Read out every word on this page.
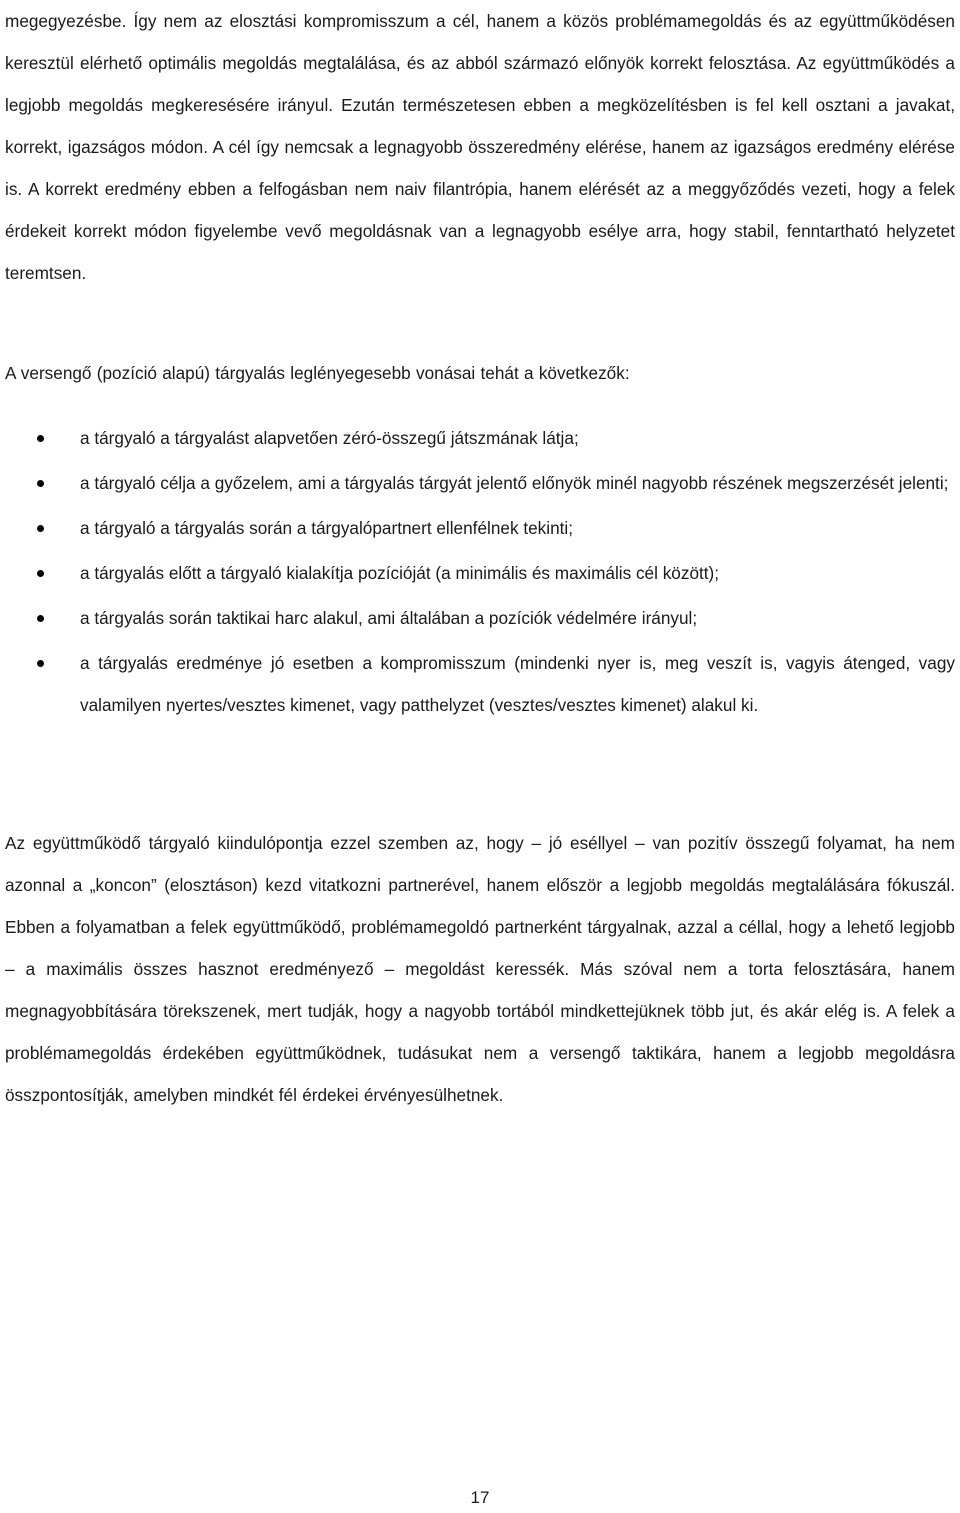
megegyezésbe. Így nem az elosztási kompromisszum a cél, hanem a közös problémamegoldás és az együttműködésen keresztül elérhető optimális megoldás megtalálása, és az abból származó előnyök korrekt felosztása. Az együttműködés a legjobb megoldás megkeresésére irányul. Ezután természetesen ebben a megközelítésben is fel kell osztani a javakat, korrekt, igazságos módon. A cél így nemcsak a legnagyobb összeredmény elérése, hanem az igazságos eredmény elérése is. A korrekt eredmény ebben a felfogásban nem naiv filantrópia, hanem elérését az a meggyőződés vezeti, hogy a felek érdekeit korrekt módon figyelembe vevő megoldásnak van a legnagyobb esélye arra, hogy stabil, fenntartható helyzetet teremtsen.

A versengő (pozíció alapú) tárgyalás leglényegesebb vonásai tehát a következők:

a tárgyaló a tárgyalást alapvetően zéró-összegű játszmának látja;
a tárgyaló célja a győzelem, ami a tárgyalás tárgyát jelentő előnyök minél nagyobb részének megszerzését jelenti;
a tárgyaló a tárgyalás során a tárgyalópartnert ellenfélnek tekinti;
a tárgyalás előtt a tárgyaló kialakítja pozícióját (a minimális és maximális cél között);
a tárgyalás során taktikai harc alakul, ami általában a pozíciók védelmére irányul;
a tárgyalás eredménye jó esetben a kompromisszum (mindenki nyer is, meg veszít is, vagyis átenged, vagy valamilyen nyertes/vesztes kimenet, vagy patthelyzet (vesztes/vesztes kimenet) alakul ki.

Az együttműködő tárgyaló kiindulópontja ezzel szemben az, hogy – jó eséllyel – van pozitív összegű folyamat, ha nem azonnal a „koncon” (elosztáson) kezd vitatkozni partnerével, hanem először a legjobb megoldás megtalálására fókuszál. Ebben a folyamatban a felek együttműködő, problémamegoldó partnerként tárgyalnak, azzal a céllal, hogy a lehető legjobb – a maximális összes hasznot eredményező – megoldást keressék. Más szóval nem a torta felosztására, hanem megnagyobbítására törekszenek, mert tudják, hogy a nagyobb tortából mindkettejüknek több jut, és akár elég is. A felek a problémamegoldás érdekében együttműködnek, tudásukat nem a versengő taktikára, hanem a legjobb megoldásra összpontosítják, amelyben mindkét fél érdekei érvényesülhetnek.

17
